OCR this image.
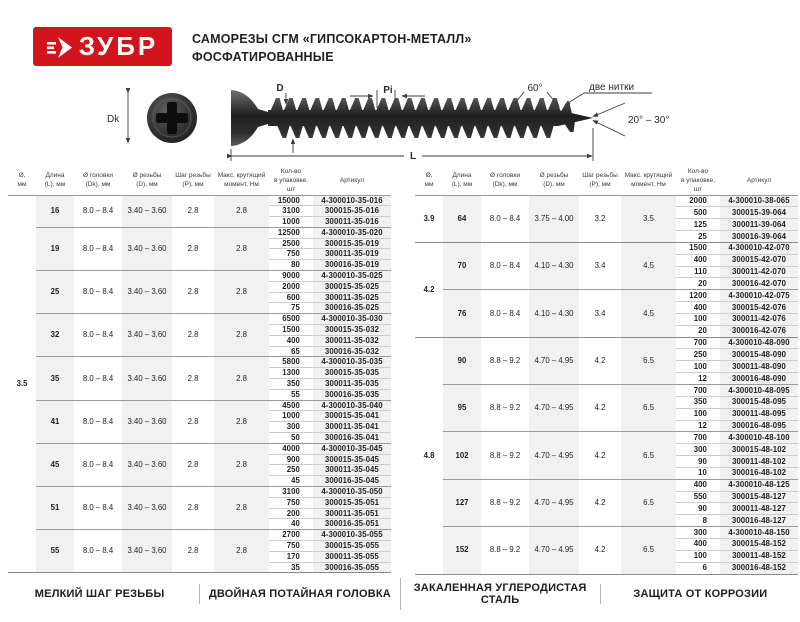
ЗУБР	САМОРЕЗЫ СГМ «ГИПСОКАРТОН-МЕТАЛЛ»
ФОСФАТИРОВАННЫЕ
Dk
D	Pi	60°	две нитки
20° – 30°
L
Ø,
мм	Длина
(L), мм	Ø головки
(Dk), мм	Ø резьбы
(D), мм	Шаг резьбы
(P), мм	Макс. крутящий
момент, Нм	Кол-во
в упаковке, шт	Артикул
3.5	16	8.0 – 8.4	3.40 – 3.60	2.8	2.8	15000	4-300010-35-016
						3100	300015-35-016
						1000	300011-35-016
	19	8.0 – 8.4	3.40 – 3.60	2.8	2.8	12500	4-300010-35-020
						2500	300015-35-019
						750	300011-35-019
						80	300016-35-019
	25	8.0 – 8.4	3.40 – 3.60	2.8	2.8	9000	4-300010-35-025
						2000	300015-35-025
						600	300011-35-025
						75	300016-35-025
	32	8.0 – 8.4	3.40 – 3.60	2.8	2.8	6500	4-300010-35-030
						1500	300015-35-032
						400	300011-35-032
						65	300016-35-032
	35	8.0 – 8.4	3.40 – 3.60	2.8	2.8	5800	4-300010-35-035
						1300	300015-35-035
						350	300011-35-035
						55	300016-35-035
	41	8.0 – 8.4	3.40 – 3.60	2.8	2.8	4500	4-300010-35-040
						1000	300015-35-041
						300	300011-35-041
						50	300016-35-041
	45	8.0 – 8.4	3.40 – 3.60	2.8	2.8	4000	4-300010-35-045
						900	300015-35-045
						250	300011-35-045
						45	300016-35-045
	51	8.0 – 8.4	3.40 – 3.60	2.8	2.8	3100	4-300010-35-050
						750	300015-35-051
						200	300011-35-051
						40	300016-35-051
	55	8.0 – 8.4	3.40 – 3.60	2.8	2.8	2700	4-300010-35-055
						750	300015-35-055
						170	300011-35-055
						35	300016-35-055
Ø,
мм	Длина
(L), мм	Ø головки
(Dk), мм	Ø резьбы
(D), мм	Шаг резьбы
(P), мм	Макс. крутящий
момент, Нм	Кол-во
в упаковке, шт	Артикул
3.9	64	8.0 – 8.4	3.75 – 4.00	3.2	3.5	2000	4-300010-38-065
						500	300015-39-064
						125	300011-39-064
						25	300016-39-064
4.2	70	8.0 – 8.4	4.10 – 4.30	3.4	4.5	1500	4-300010-42-070
						400	300015-42-070
						110	300011-42-070
						20	300016-42-070
	76	8.0 – 8.4	4.10 – 4.30	3.4	4.5	1200	4-300010-42-075
						400	300015-42-076
						100	300011-42-076
						20	300016-42-076
4.8	90	8.8 – 9.2	4.70 – 4.95	4.2	6.5	700	4-300010-48-090
						250	300015-48-090
						100	300011-48-090
						12	300016-48-090
	95	8.8 – 9.2	4.70 – 4.95	4.2	6.5	700	4-300010-48-095
						350	300015-48-095
						100	300011-48-095
						12	300016-48-095
	102	8.8 – 9.2	4.70 – 4.95	4.2	6.5	700	4-300010-48-100
						300	300015-48-102
						90	300011-48-102
						10	300016-48-102
	127	8.8 – 9.2	4.70 – 4.95	4.2	6.5	400	4-300010-48-125
						550	300015-48-127
						90	300011-48-127
						8	300016-48-127
	152	8.8 – 9.2	4.70 – 4.95	4.2	6.5	300	4-300010-48-150
						400	300015-48-152
						100	300011-48-152
						6	300016-48-152
МЕЛКИЙ ШАГ РЕЗЬБЫ	ДВОЙНАЯ ПОТАЙНАЯ ГОЛОВКА	ЗАКАЛЕННАЯ УГЛЕРОДИСТАЯ СТАЛЬ	ЗАЩИТА ОТ КОРРОЗИИ
